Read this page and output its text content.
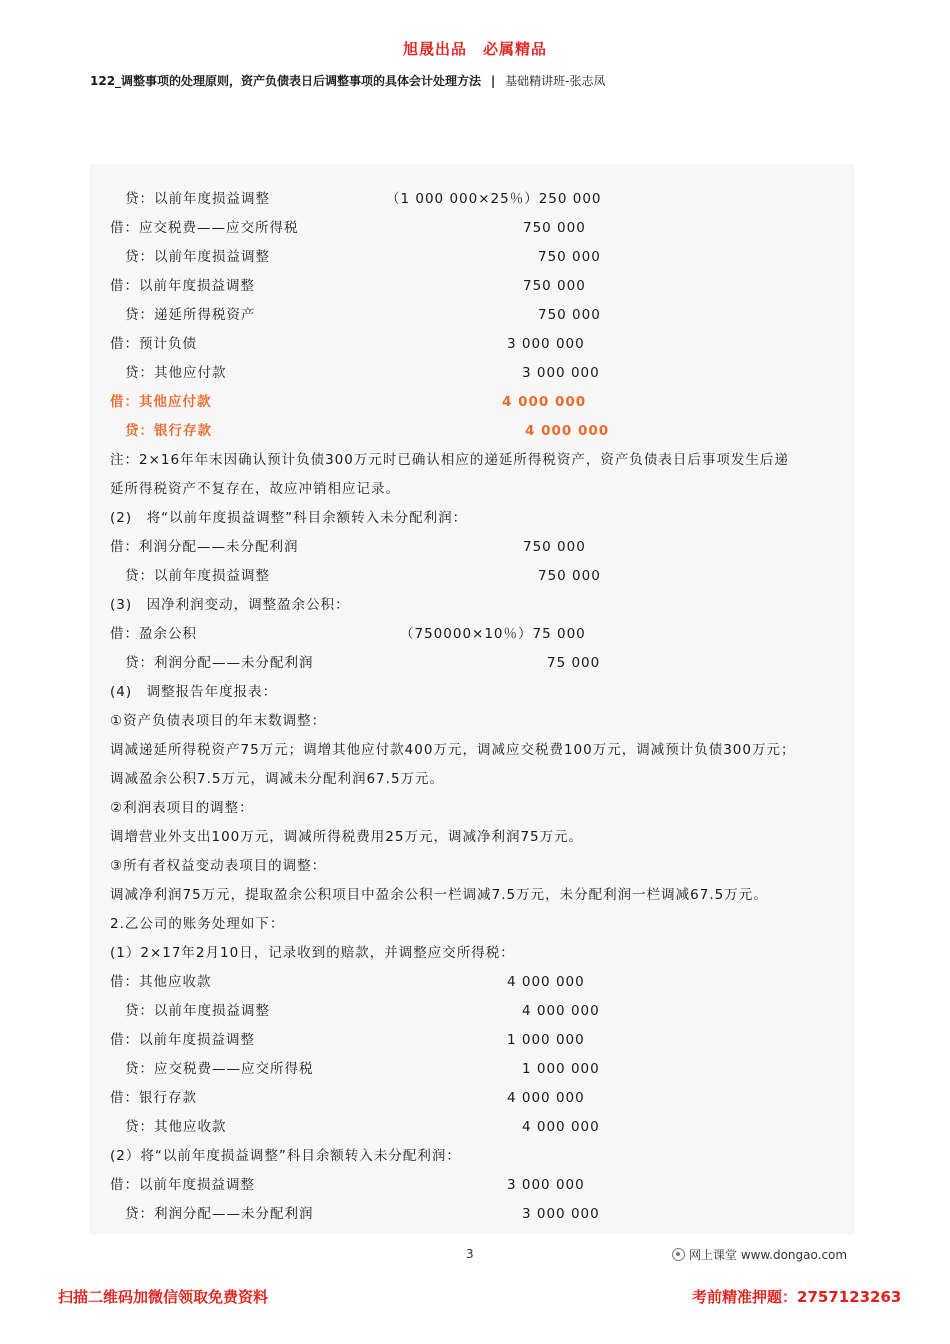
旭晟出品　必属精品
122_调整事项的处理原则，资产负债表日后调整事项的具体会计处理方法 | 基础精讲班-张志凤
贷：以前年度损益调整	（1 000 000×25％）250 000
借：应交税费——应交所得税	750 000
贷：以前年度损益调整	750 000
借：以前年度损益调整	750 000
贷：递延所得税资产	750 000
借：预计负债	3 000 000
贷：其他应付款	3 000 000
借：其他应付款	4 000 000
贷：银行存款	4 000 000
注：2×16年年末因确认预计负债300万元时已确认相应的递延所得税资产，资产负债表日后事项发生后递
延所得税资产不复存在，故应冲销相应记录。
(2)　将“以前年度损益调整”科目余额转入未分配利润：
借：利润分配——未分配利润	750 000
贷：以前年度损益调整	750 000
(3)　因净利润变动，调整盈余公积：
借：盈余公积	（750000×10％）75 000
贷：利润分配——未分配利润	75 000
(4)　调整报告年度报表：
①资产负债表项目的年末数调整：
调减递延所得税资产75万元；调增其他应付款400万元，调减应交税费100万元，调减预计负债300万元；
调减盈余公积7.5万元，调减未分配利润67.5万元。
②利润表项目的调整：
调增营业外支出100万元，调减所得税费用25万元，调减净利润75万元。
③所有者权益变动表项目的调整：
调减净利润75万元，提取盈余公积项目中盈余公积一栏调减7.5万元，未分配利润一栏调减67.5万元。
2.乙公司的账务处理如下：
(1）2×17年2月10日，记录收到的赔款，并调整应交所得税：
借：其他应收款	4 000 000
贷：以前年度损益调整	4 000 000
借：以前年度损益调整	1 000 000
贷：应交税费——应交所得税	1 000 000
借：银行存款	4 000 000
贷：其他应收款	4 000 000
(2）将“以前年度损益调整”科目余额转入未分配利润：
借：以前年度损益调整	3 000 000
贷：利润分配——未分配利润	3 000 000
3	网上课堂 www.dongao.com
扫描二维码加微信领取免费资料	考前精准押题：2757123263
